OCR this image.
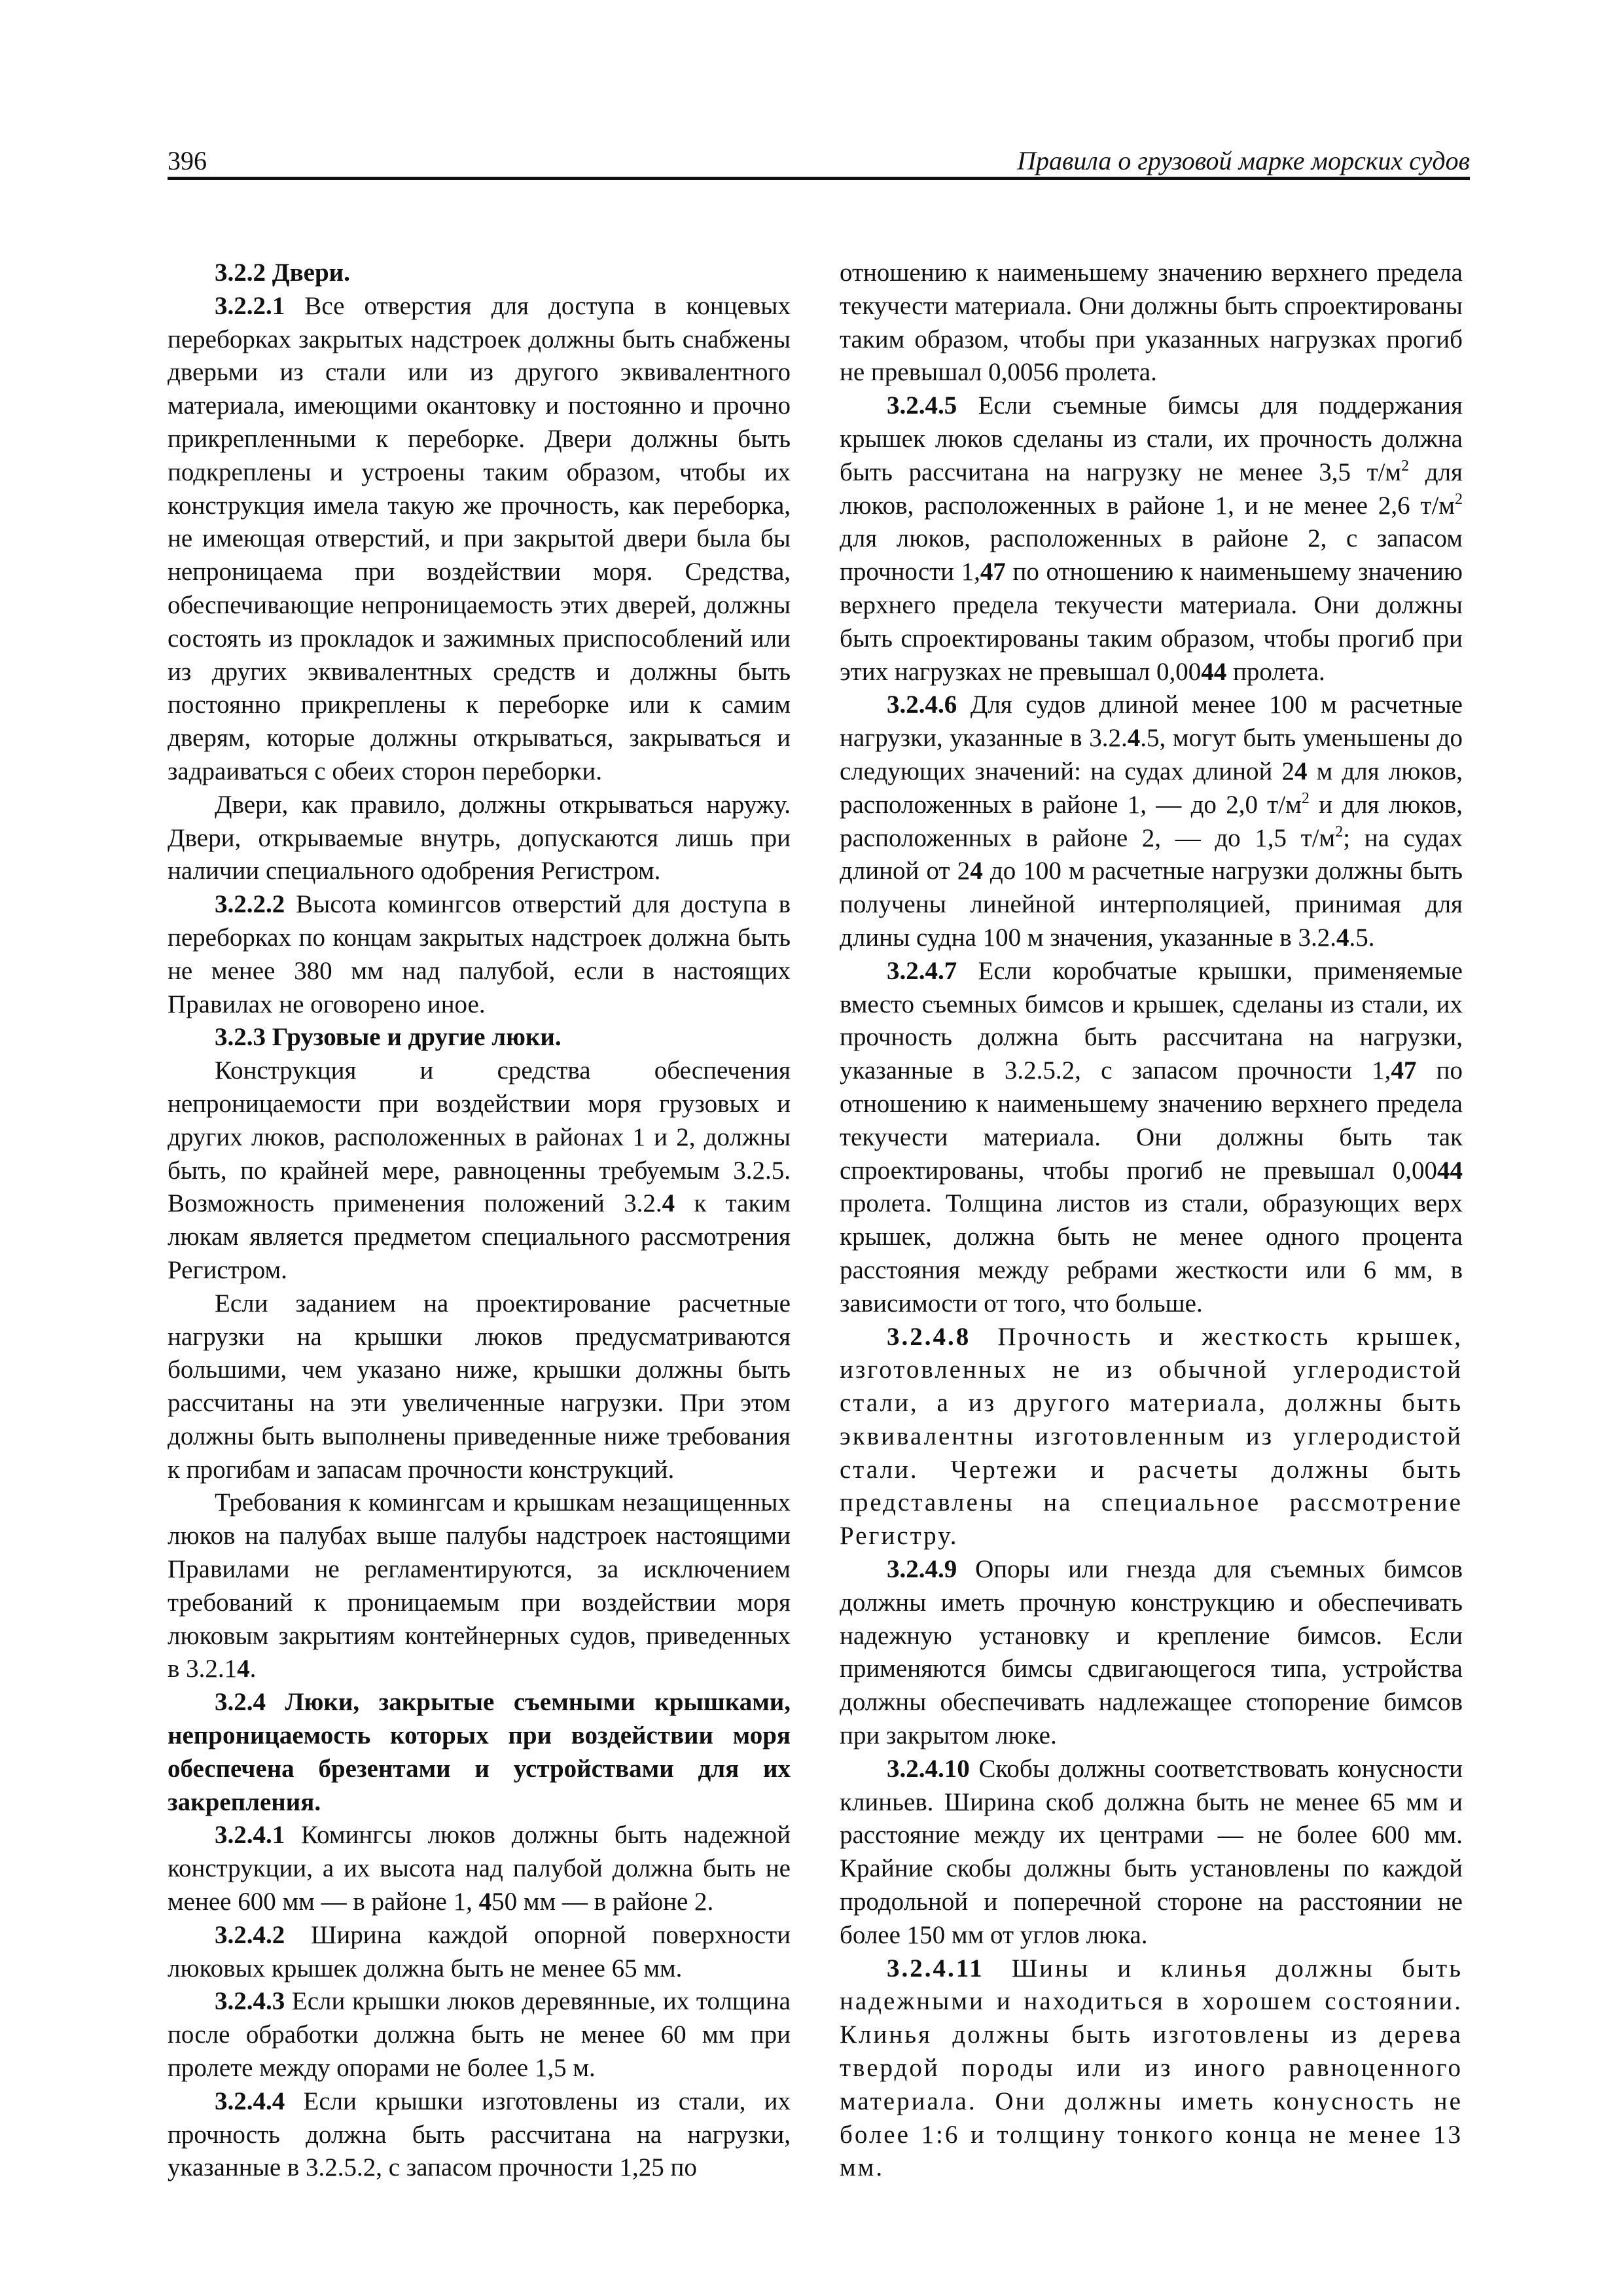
396	Правила о грузовой марке морских судов

3.2.2 Двери.

3.2.2.1 Все отверстия для доступа в концевых переборках закрытых надстроек должны быть снабжены дверьми из стали или из другого эквивалентного материала, имеющими окантовку и постоянно и прочно прикрепленными к переборке. Двери должны быть подкреплены и устроены таким образом, чтобы их конструкция имела такую же прочность, как переборка, не имеющая отверстий, и при закрытой двери была бы непроницаема при воздействии моря. Средства, обеспечивающие непроницаемость этих дверей, должны состоять из прокладок и зажимных приспособлений или из других эквивалентных средств и должны быть постоянно прикреплены к переборке или к самим дверям, которые должны открываться, закрываться и задраиваться с обеих сторон переборки.

Двери, как правило, должны открываться наружу. Двери, открываемые внутрь, допускаются лишь при наличии специального одобрения Регистром.

3.2.2.2 Высота комингсов отверстий для доступа в переборках по концам закрытых надстроек должна быть не менее 380 мм над палубой, если в настоящих Правилах не оговорено иное.

3.2.3 Грузовые и другие люки.

Конструкция и средства обеспечения непроницаемости при воздействии моря грузовых и других люков, расположенных в районах 1 и 2, должны быть, по крайней мере, равноценны требуемым 3.2.5. Возможность применения положений 3.2.4 к таким люкам является предметом специального рассмотрения Регистром.

Если заданием на проектирование расчетные нагрузки на крышки люков предусматриваются большими, чем указано ниже, крышки должны быть рассчитаны на эти увеличенные нагрузки. При этом должны быть выполнены приведенные ниже требования к прогибам и запасам прочности конструкций.

Требования к комингсам и крышкам незащищенных люков на палубах выше палубы надстроек настоящими Правилами не регламентируются, за исключением требований к проницаемым при воздействии моря люковым закрытиям контейнерных судов, приведенных в 3.2.14.

3.2.4 Люки, закрытые съемными крышками, непроницаемость которых при воздействии моря обеспечена брезентами и устройствами для их закрепления.

3.2.4.1 Комингсы люков должны быть надежной конструкции, а их высота над палубой должна быть не менее 600 мм — в районе 1, 450 мм — в районе 2.

3.2.4.2 Ширина каждой опорной поверхности люковых крышек должна быть не менее 65 мм.

3.2.4.3 Если крышки люков деревянные, их толщина после обработки должна быть не менее 60 мм при пролете между опорами не более 1,5 м.

3.2.4.4 Если крышки изготовлены из стали, их прочность должна быть рассчитана на нагрузки, указанные в 3.2.5.2, с запасом прочности 1,25 по

отношению к наименьшему значению верхнего предела текучести материала. Они должны быть спроектированы таким образом, чтобы при указанных нагрузках прогиб не превышал 0,0056 пролета.

3.2.4.5 Если съемные бимсы для поддержания крышек люков сделаны из стали, их прочность должна быть рассчитана на нагрузку не менее 3,5 $т/м^2$ для люков, расположенных в районе 1, и не менее 2,6 $т/м^2$ для люков, расположенных в районе 2, с запасом прочности 1,47 по отношению к наименьшему значению верхнего предела текучести материала. Они должны быть спроектированы таким образом, чтобы прогиб при этих нагрузках не превышал 0,0044 пролета.

3.2.4.6 Для судов длиной менее 100 м расчетные нагрузки, указанные в 3.2.4.5, могут быть уменьшены до следующих значений: на судах длиной 24 м для люков, расположенных в районе 1, — до 2,0 $т/м^2$ и для люков, расположенных в районе 2, — до 1,5 $т/м^2$; на судах длиной от 24 до 100 м расчетные нагрузки должны быть получены линейной интерполяцией, принимая для длины судна 100 м значения, указанные в 3.2.4.5.

3.2.4.7 Если коробчатые крышки, применяемые вместо съемных бимсов и крышек, сделаны из стали, их прочность должна быть рассчитана на нагрузки, указанные в 3.2.5.2, с запасом прочности 1,47 по отношению к наименьшему значению верхнего предела текучести материала. Они должны быть так спроектированы, чтобы прогиб не превышал 0,0044 пролета. Толщина листов из стали, образующих верх крышек, должна быть не менее одного процента расстояния между ребрами жесткости или 6 мм, в зависимости от того, что больше.

3.2.4.8 Прочность и жесткость крышек, изготовленных не из обычной углеродистой стали, а из другого материала, должны быть эквивалентны изготовленным из углеродистой стали. Чертежи и расчеты должны быть представлены на специальное рассмотрение Регистру.

3.2.4.9 Опоры или гнезда для съемных бимсов должны иметь прочную конструкцию и обеспечивать надежную установку и крепление бимсов. Если применяются бимсы сдвигающегося типа, устройства должны обеспечивать надлежащее стопорение бимсов при закрытом люке.

3.2.4.10 Скобы должны соответствовать конусности клиньев. Ширина скоб должна быть не менее 65 мм и расстояние между их центрами — не более 600 мм. Крайние скобы должны быть установлены по каждой продольной и поперечной стороне на расстоянии не более 150 мм от углов люка.

3.2.4.11 Шины и клинья должны быть надежными и находиться в хорошем состоянии. Клинья должны быть изготовлены из дерева твердой породы или из иного равноценного материала. Они должны иметь конусность не более 1:6 и толщину тонкого конца не менее 13 мм.
